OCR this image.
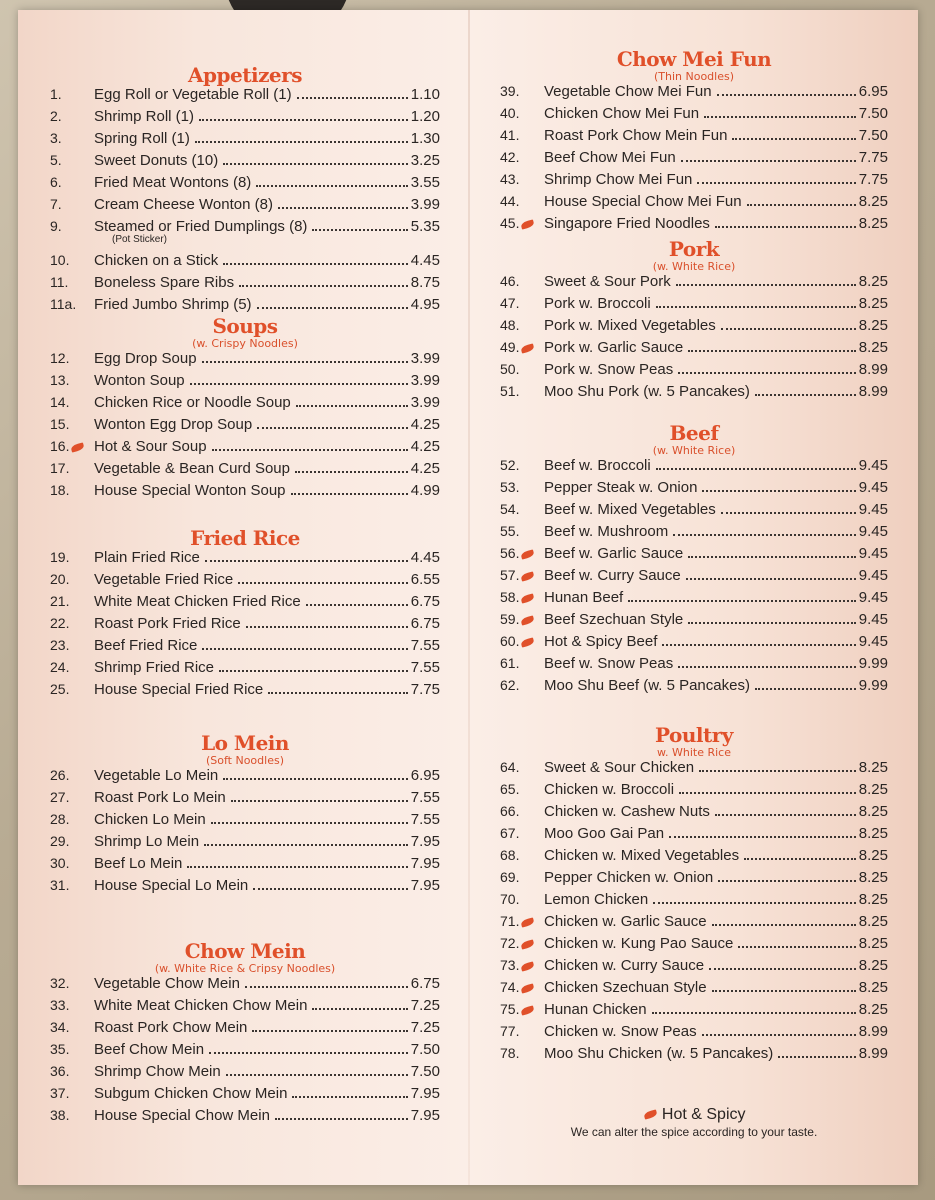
Appetizers
1.	Egg Roll or Vegetable Roll (1)	1.10
2.	Shrimp Roll (1)	1.20
3.	Spring Roll (1)	1.30
5.	Sweet Donuts (10)	3.25
6.	Fried Meat Wontons (8)	3.55
7.	Cream Cheese Wonton (8)	3.99
9.	Steamed or Fried Dumplings (8)	5.35
(Pot Sticker)
10.	Chicken on a Stick	4.45
11.	Boneless Spare Ribs	8.75
11a.	Fried Jumbo Shrimp (5)	4.95
Soups
(w. Crispy Noodles)
12.	Egg Drop Soup	3.99
13.	Wonton Soup	3.99
14.	Chicken Rice or Noodle Soup	3.99
15.	Wonton Egg Drop Soup	4.25
16.	Hot & Sour Soup	4.25
17.	Vegetable & Bean Curd Soup	4.25
18.	House Special Wonton Soup	4.99
Fried Rice
19.	Plain Fried Rice	4.45
20.	Vegetable Fried Rice	6.55
21.	White Meat Chicken Fried Rice	6.75
22.	Roast Pork Fried Rice	6.75
23.	Beef Fried Rice	7.55
24.	Shrimp Fried Rice	7.55
25.	House Special Fried Rice	7.75
Lo Mein
(Soft Noodles)
26.	Vegetable Lo Mein	6.95
27.	Roast Pork Lo Mein	7.55
28.	Chicken Lo Mein	7.55
29.	Shrimp Lo Mein	7.95
30.	Beef Lo Mein	7.95
31.	House Special Lo Mein	7.95
Chow Mein
(w. White Rice & Cripsy Noodles)
32.	Vegetable Chow Mein	6.75
33.	White Meat Chicken Chow Mein	7.25
34.	Roast Pork Chow Mein	7.25
35.	Beef Chow Mein	7.50
36.	Shrimp Chow Mein	7.50
37.	Subgum Chicken Chow Mein	7.95
38.	House Special Chow Mein	7.95	Hot & Spicy
We can alter the spice according to your taste.
Chow Mei Fun
(Thin Noodles)
39.	Vegetable Chow Mei Fun	6.95
40.	Chicken Chow Mei Fun	7.50
41.	Roast Pork Chow Mein Fun	7.50
42.	Beef Chow Mei Fun	7.75
43.	Shrimp Chow Mei Fun	7.75
44.	House Special Chow Mei Fun	8.25
45.	Singapore Fried Noodles	8.25
Pork
(w. White Rice)
46.	Sweet & Sour Pork	8.25
47.	Pork w. Broccoli	8.25
48.	Pork w. Mixed Vegetables	8.25
49.	Pork w. Garlic Sauce	8.25
50.	Pork w. Snow Peas	8.99
51.	Moo Shu Pork (w. 5 Pancakes)	8.99
Beef
(w. White Rice)
52.	Beef w. Broccoli	9.45
53.	Pepper Steak w. Onion	9.45
54.	Beef w. Mixed Vegetables	9.45
55.	Beef w. Mushroom	9.45
56.	Beef w. Garlic Sauce	9.45
57.	Beef w. Curry Sauce	9.45
58.	Hunan Beef	9.45
59.	Beef Szechuan Style	9.45
60.	Hot & Spicy Beef	9.45
61.	Beef w. Snow Peas	9.99
62.	Moo Shu Beef (w. 5 Pancakes)	9.99
Poultry
w. White Rice
64.	Sweet & Sour Chicken	8.25
65.	Chicken w. Broccoli	8.25
66.	Chicken w. Cashew Nuts	8.25
67.	Moo Goo Gai Pan	8.25
68.	Chicken w. Mixed Vegetables	8.25
69.	Pepper Chicken w. Onion	8.25
70.	Lemon Chicken	8.25
71.	Chicken w. Garlic Sauce	8.25
72.	Chicken w. Kung Pao Sauce	8.25
73.	Chicken w. Curry Sauce	8.25
74.	Chicken Szechuan Style	8.25
75.	Hunan Chicken	8.25
77.	Chicken w. Snow Peas	8.99
78.	Moo Shu Chicken (w. 5 Pancakes)	8.99
